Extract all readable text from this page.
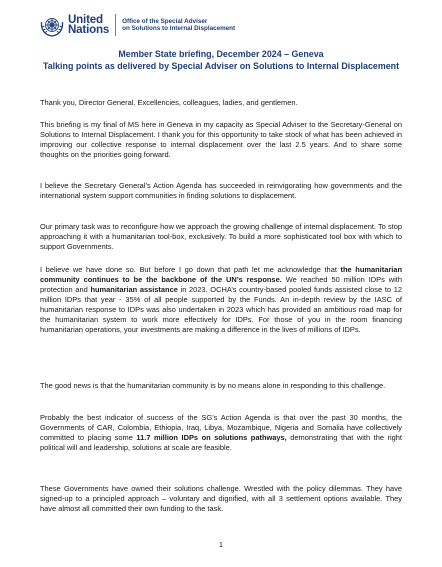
United
Nations
Office of the Special Adviser
on Solutions to Internal Displacement
Member State briefing, December 2024 – Geneva
Talking points as delivered by Special Adviser on Solutions to Internal Displacement

Thank you, Director General. Excellencies, colleagues, ladies, and gentlemen.

This briefing is my final of MS here in Geneva in my capacity as Special Adviser to the Secretary-General on Solutions to Internal Displacement. I thank you for this opportunity to take stock of what has been achieved in improving our collective response to internal displacement over the last 2.5 years. And to share some thoughts on the priorities going forward.

I believe the Secretary General’s Action Agenda has succeeded in reinvigorating how governments and the international system support communities in finding solutions to displacement.

Our primary task was to reconfigure how we approach the growing challenge of internal displacement. To stop approaching it with a humanitarian tool-box, exclusively. To build a more sophisticated tool box with which to support Governments.

I believe we have done so. But before I go down that path let me acknowledge that the humanitarian community continues to be the backbone of the UN’s response. We reached 50 million IDPs with protection and humanitarian assistance in 2023. OCHA’s country-based pooled funds assisted close to 12 million IDPs that year - 35% of all people supported by the Funds. An in-depth review by the IASC of humanitarian response to IDPs was also undertaken in 2023 which has provided an ambitious road map for the humanitarian system to work more effectively for IDPs. For those of you in the room financing humanitarian operations, your investments are making a difference in the lives of millions of IDPs.

The good news is that the humanitarian community is by no means alone in responding to this challenge.

Probably the best indicator of success of the SG’s Action Agenda is that over the past 30 months, the Governments of CAR, Colombia, Ethiopia, Iraq, Libya, Mozambique, Nigeria and Somalia have collectively committed to placing some 11.7 million IDPs on solutions pathways, demonstrating that with the right political will and leadership, solutions at scale are feasible.

These Governments have owned their solutions challenge. Wrestled with the policy dilemmas. They have signed-up to a principled approach – voluntary and dignified, with all 3 settlement options available. They have almost all committed their own funding to the task.

1
